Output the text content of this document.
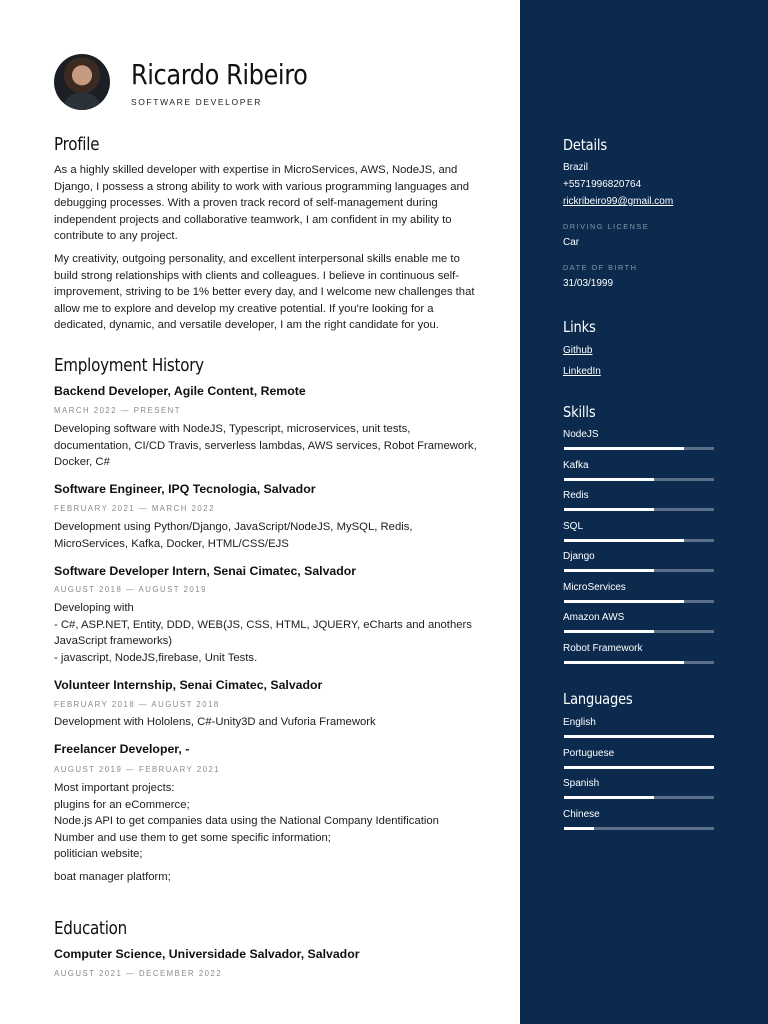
Ricardo Ribeiro
SOFTWARE DEVELOPER
Profile

As a highly skilled developer with expertise in MicroServices, AWS, NodeJS, and Django, I possess a strong ability to work with various programming languages and debugging processes. With a proven track record of self-management during independent projects and collaborative teamwork, I am confident in my ability to contribute to any project.

My creativity, outgoing personality, and excellent interpersonal skills enable me to build strong relationships with clients and colleagues. I believe in continuous self-improvement, striving to be 1% better every day, and I welcome new challenges that allow me to explore and develop my creative potential. If you're looking for a dedicated, dynamic, and versatile developer, I am the right candidate for you.

Employment History
Backend Developer, Agile Content, Remote
MARCH 2022 — PRESENT

Developing software with NodeJS, Typescript, microservices, unit tests, documentation, CI/CD Travis, serverless lambdas, AWS services, Robot Framework, Docker, C#

Software Engineer, IPQ Tecnologia, Salvador
FEBRUARY 2021 — MARCH 2022

Development using Python/Django, JavaScript/NodeJS, MySQL, Redis, MicroServices, Kafka, Docker, HTML/CSS/EJS

Software Developer Intern, Senai Cimatec, Salvador
AUGUST 2018 — AUGUST 2019

Developing with
- C#, ASP.NET, Entity, DDD, WEB(JS, CSS, HTML, JQUERY, eCharts and anothers JavaScript frameworks)
- javascript, NodeJS,firebase, Unit Tests.

Volunteer Internship, Senai Cimatec, Salvador
FEBRUARY 2018 — AUGUST 2018

Development with Hololens, C#-Unity3D and Vuforia Framework

Freelancer Developer, -
AUGUST 2019 — FEBRUARY 2021

Most important projects:
plugins for an eCommerce;
Node.js API to get companies data using the National Company Identification
Number and use them to get some specific information;
politician website;

boat manager platform;

Education
Computer Science, Universidade Salvador, Salvador
AUGUST 2021 — DECEMBER 2022
Details
Brazil
+5571996820764
rickribeiro99@gmail.com
DRIVING LICENSE
Car
DATE OF BIRTH
31/03/1999
Links
Github
LinkedIn
Skills
NodeJS
Kafka
Redis
SQL
Django
MicroServices
Amazon AWS
Robot Framework
Languages
English
Portuguese
Spanish
Chinese
